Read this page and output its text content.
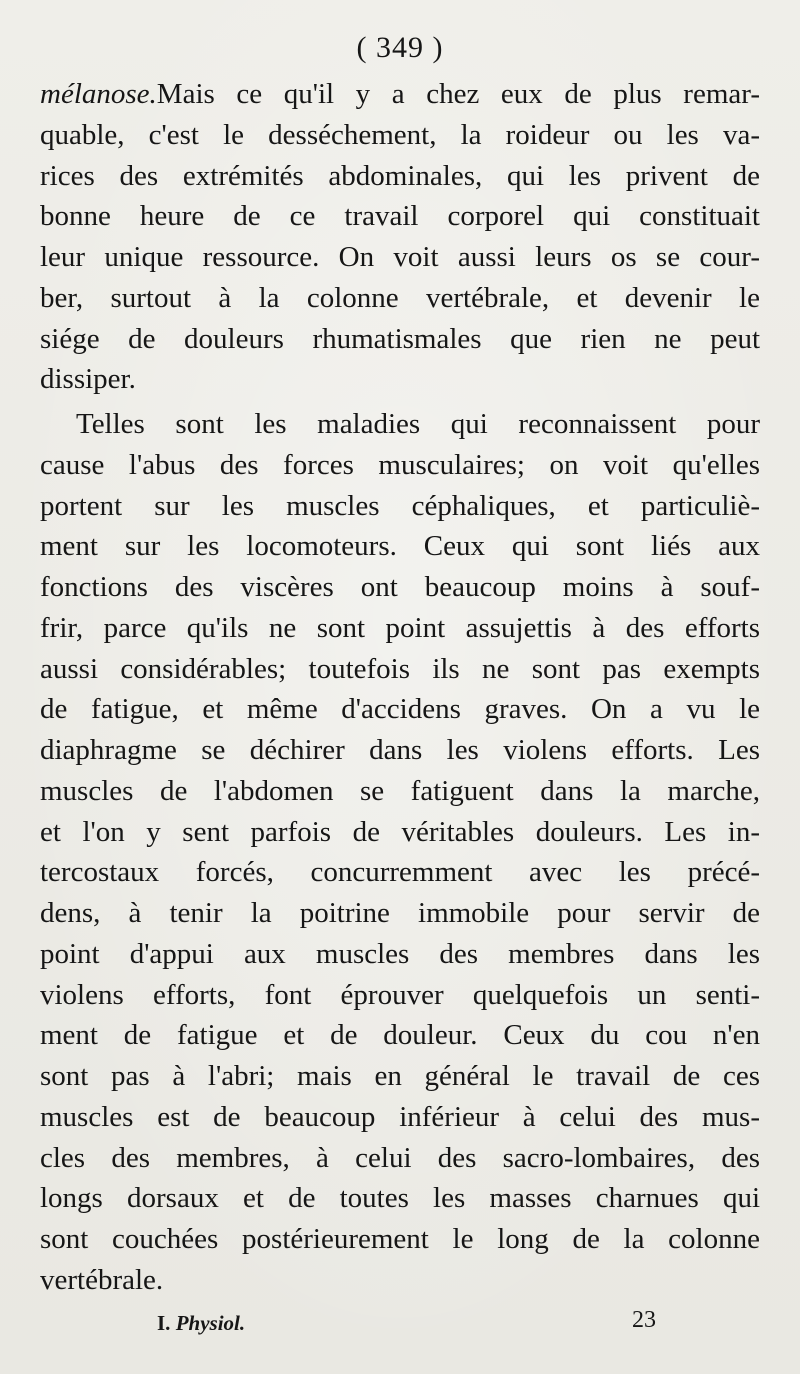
( 349 )
mélanose.Mais ce qu'il y a chez eux de plus remar-
quable, c'est le desséchement, la roideur ou les va-
rices des extrémités abdominales, qui les privent de
bonne heure de ce travail corporel qui constituait
leur unique ressource. On voit aussi leurs os se cour-
ber, surtout à la colonne vertébrale, et devenir le
siége de douleurs rhumatismales que rien ne peut
dissiper.
Telles sont les maladies qui reconnaissent pour
cause l'abus des forces musculaires; on voit qu'elles
portent sur les muscles céphaliques, et particuliè-
ment sur les locomoteurs. Ceux qui sont liés aux
fonctions des viscères ont beaucoup moins à souf-
frir, parce qu'ils ne sont point assujettis à des efforts
aussi considérables; toutefois ils ne sont pas exempts
de fatigue, et même d'accidens graves. On a vu le
diaphragme se déchirer dans les violens efforts. Les
muscles de l'abdomen se fatiguent dans la marche,
et l'on y sent parfois de véritables douleurs. Les in-
tercostaux forcés, concurremment avec les précé-
dens, à tenir la poitrine immobile pour servir de
point d'appui aux muscles des membres dans les
violens efforts, font éprouver quelquefois un senti-
ment de fatigue et de douleur. Ceux du cou n'en
sont pas à l'abri; mais en général le travail de ces
muscles est de beaucoup inférieur à celui des mus-
cles des membres, à celui des sacro-lombaires, des
longs dorsaux et de toutes les masses charnues qui
sont couchées postérieurement le long de la colonne
vertébrale.
I. Physiol.	23
